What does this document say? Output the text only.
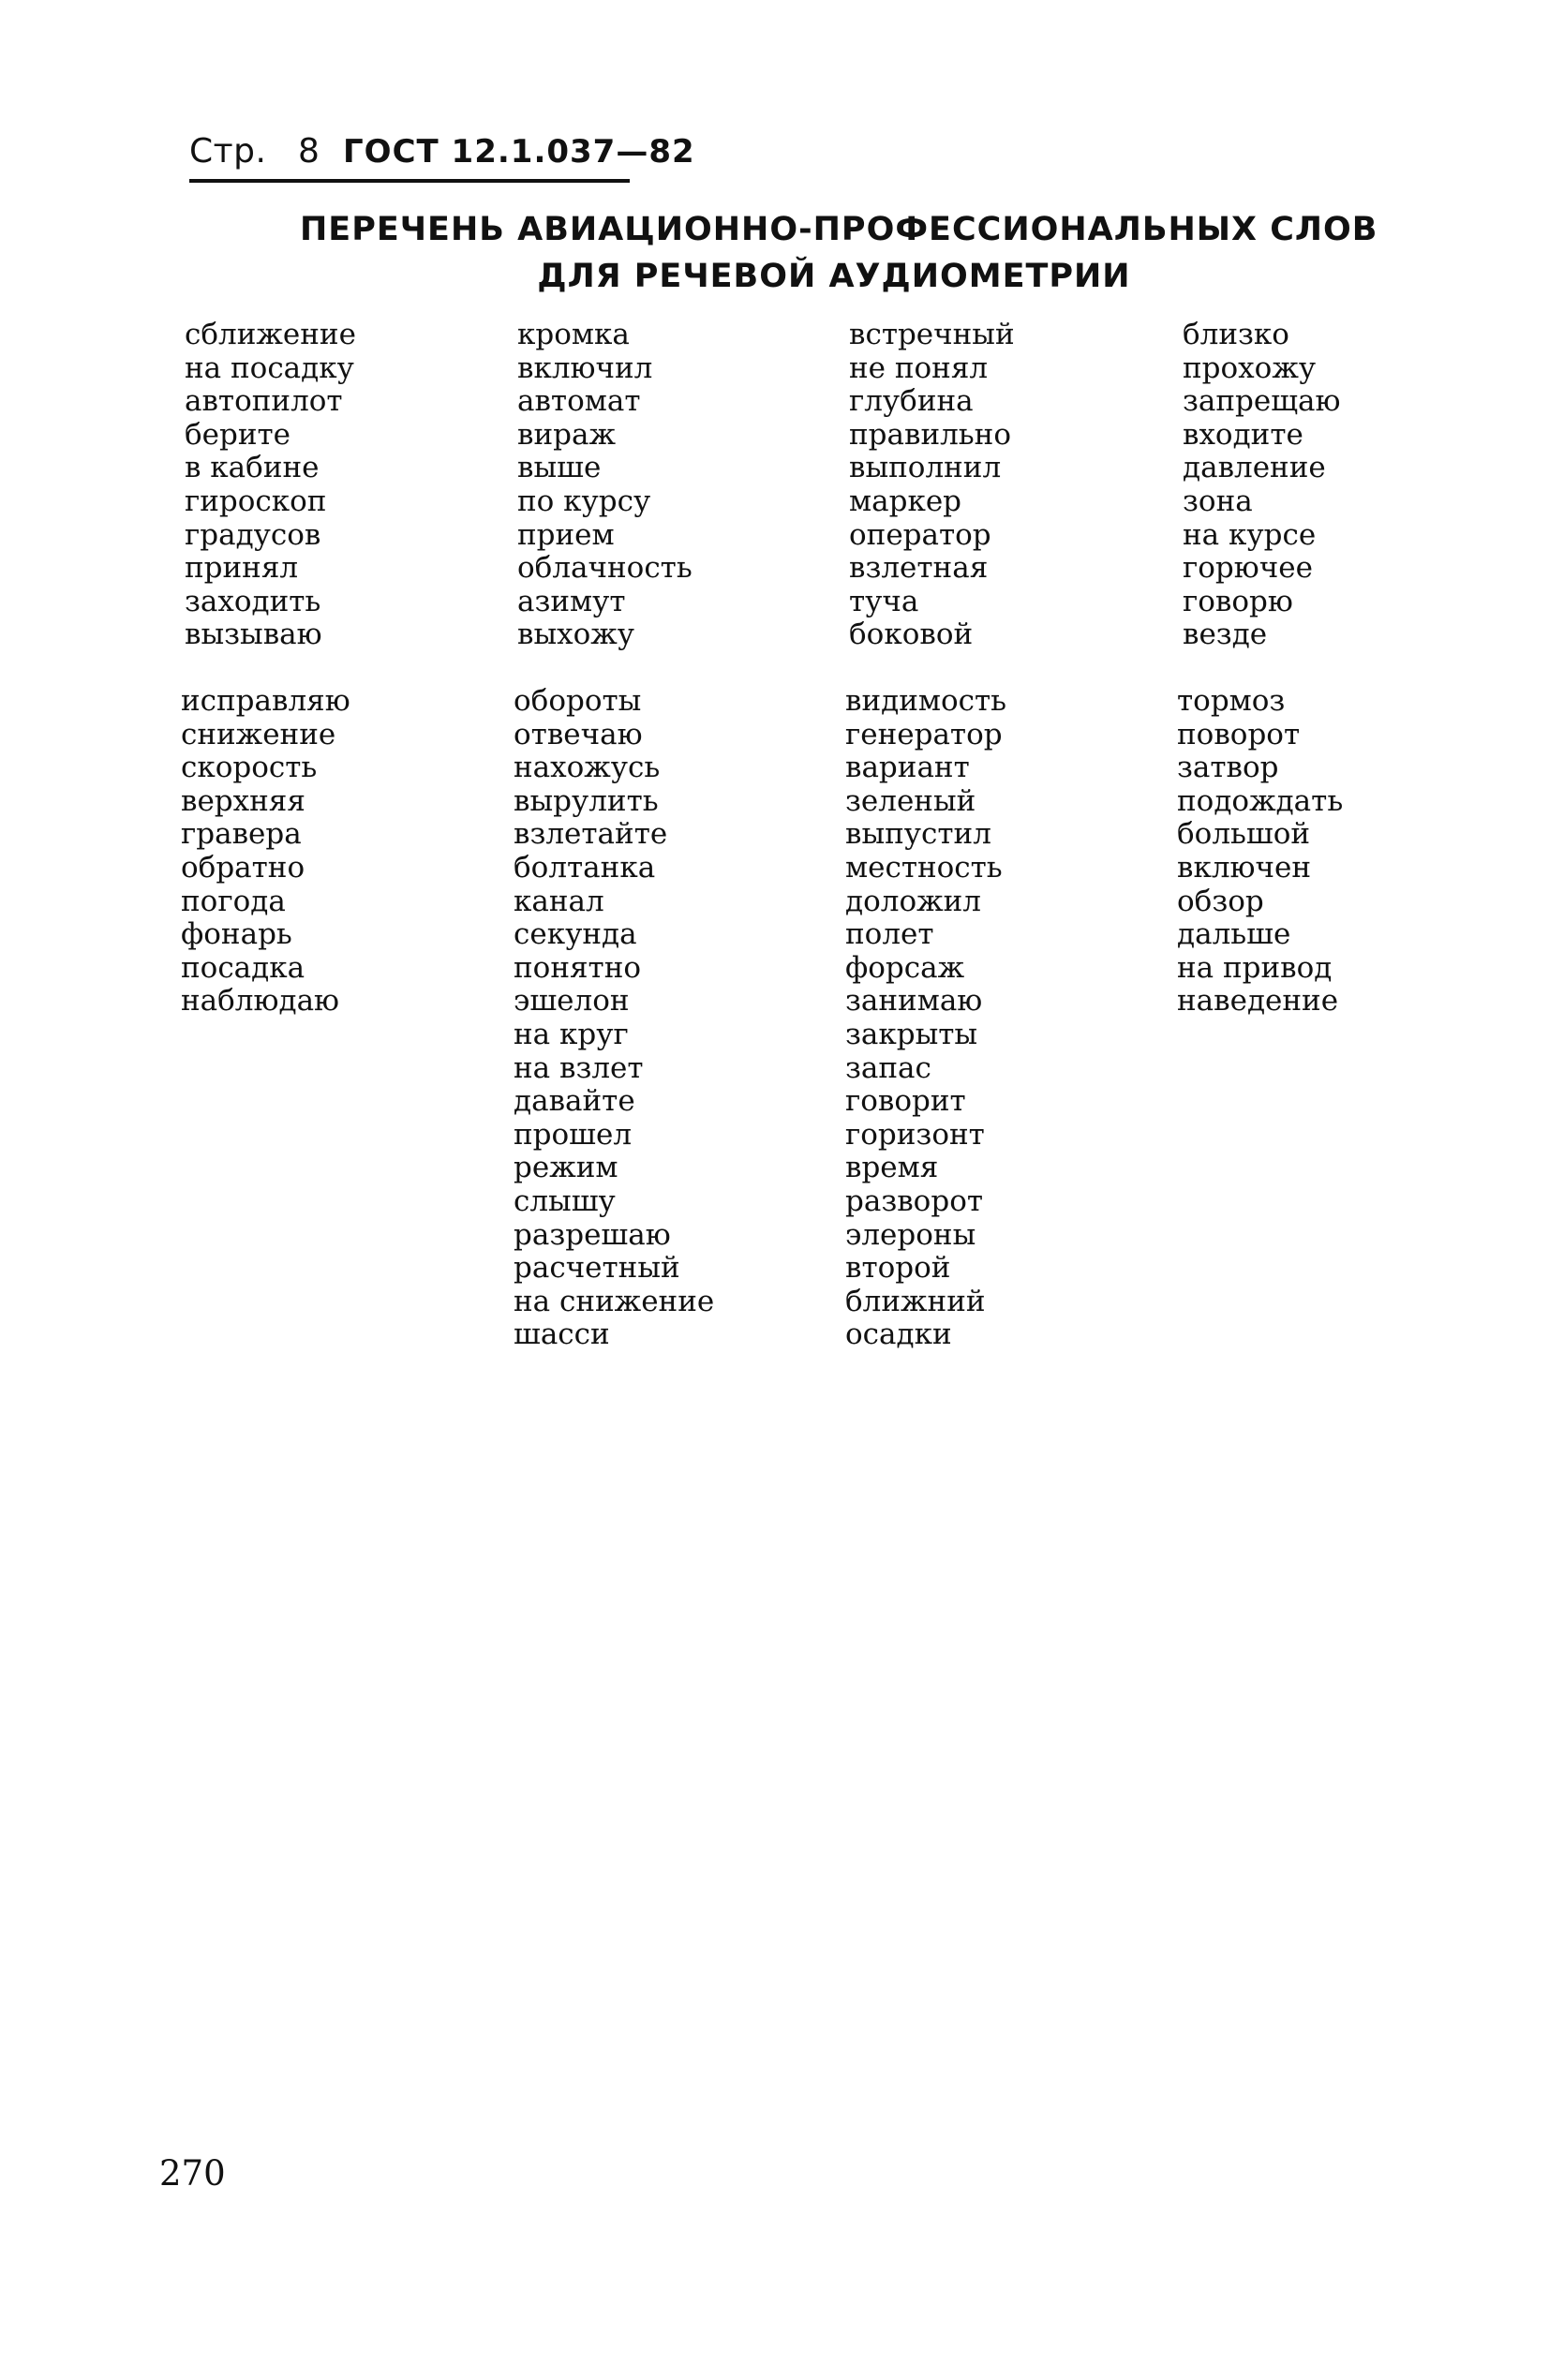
Стр. 8 ГОСТ 12.1.037—82
ПЕРЕЧЕНЬ АВИАЦИОННО-ПРОФЕССИОНАЛЬНЫХ СЛОВ
ДЛЯ РЕЧЕВОЙ АУДИОМЕТРИИ
сближение
на посадку
автопилот
берите
в кабине
гироскоп
градусов
принял
заходить
вызываю
кромка
включил
автомат
вираж
выше
по курсу
прием
облачность
азимут
выхожу
встречный
не понял
глубина
правильно
выполнил
маркер
оператор
взлетная
туча
боковой
близко
прохожу
запрещаю
входите
давление
зона
на курсе
горючее
говорю
везде
исправляю
снижение
скорость
верхняя
гравера
обратно
погода
фонарь
посадка
наблюдаю
обороты
отвечаю
нахожусь
вырулить
взлетайте
болтанка
канал
секунда
понятно
эшелон
на круг
на взлет
давайте
прошел
режим
слышу
разрешаю
расчетный
на снижение
шасси
видимость
генератор
вариант
зеленый
выпустил
местность
доложил
полет
форсаж
занимаю
закрыты
запас
говорит
горизонт
время
разворот
элероны
второй
ближний
осадки
тормоз
поворот
затвор
подождать
большой
включен
обзор
дальше
на привод
наведение
270
